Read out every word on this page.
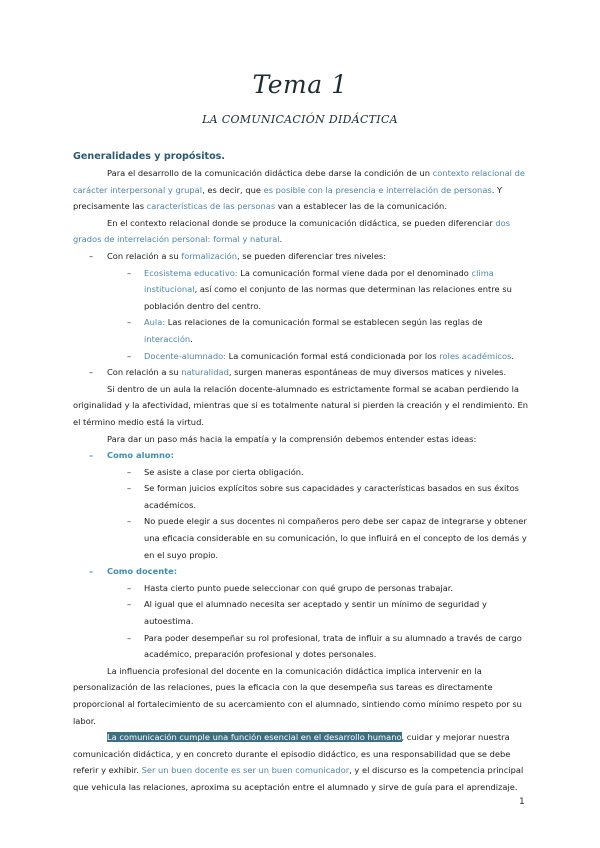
Tema 1
LA COMUNICACIÓN DIDÁCTICA
Generalidades y propósitos.

Para el desarrollo de la comunicación didáctica debe darse la condición de un contexto relacional de carácter interpersonal y grupal, es decir, que es posible con la presencia e interrelación de personas. Y precisamente las características de las personas van a establecer las de la comunicación.

En el contexto relacional donde se produce la comunicación didáctica, se pueden diferenciar dos grados de interrelación personal: formal y natural.

– Con relación a su formalización, se pueden diferenciar tres niveles:
– Ecosistema educativo: La comunicación formal viene dada por el denominado clima institucional, así como el conjunto de las normas que determinan las relaciones entre su población dentro del centro.
– Aula: Las relaciones de la comunicación formal se establecen según las reglas de interacción.
– Docente-alumnado: La comunicación formal está condicionada por los roles académicos.
– Con relación a su naturalidad, surgen maneras espontáneas de muy diversos matices y niveles.

Si dentro de un aula la relación docente-alumnado es estrictamente formal se acaban perdiendo la originalidad y la afectividad, mientras que si es totalmente natural si pierden la creación y el rendimiento. En el término medio está la virtud.

Para dar un paso más hacia la empatía y la comprensión debemos entender estas ideas:

– Como alumno:
– Se asiste a clase por cierta obligación.
– Se forman juicios explícitos sobre sus capacidades y características basados en sus éxitos académicos.
– No puede elegir a sus docentes ni compañeros pero debe ser capaz de integrarse y obtener una eficacia considerable en su comunicación, lo que influirá en el concepto de los demás y en el suyo propio.
– Como docente:
– Hasta cierto punto puede seleccionar con qué grupo de personas trabajar.
– Al igual que el alumnado necesita ser aceptado y sentir un mínimo de seguridad y autoestima.
– Para poder desempeñar su rol profesional, trata de influir a su alumnado a través de cargo académico, preparación profesional y dotes personales.

La influencia profesional del docente en la comunicación didáctica implica intervenir en la personalización de las relaciones, pues la eficacia con la que desempeña sus tareas es directamente proporcional al fortalecimiento de su acercamiento con el alumnado, sintiendo como mínimo respeto por su labor.

La comunicación cumple una función esencial en el desarrollo humano, cuidar y mejorar nuestra comunicación didáctica, y en concreto durante el episodio didáctico, es una responsabilidad que se debe referir y exhibir. Ser un buen docente es ser un buen comunicador, y el discurso es la competencia principal que vehicula las relaciones, aproxima su aceptación entre el alumnado y sirve de guía para el aprendizaje.

1
